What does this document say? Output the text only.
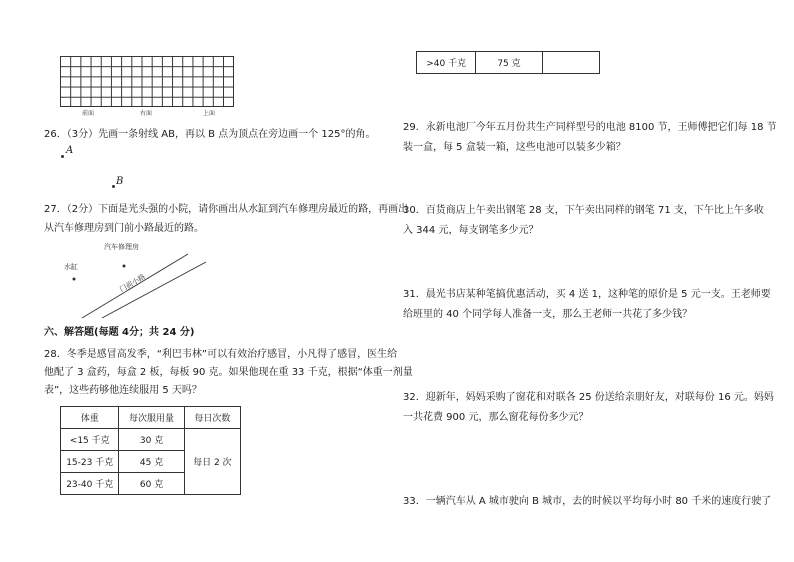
前面	右面	上面
26．（3分）先画一条射线 AB，再以 B 点为顶点在旁边画一个 125°的角。
A
B
27．（2分）下面是光头强的小院，请你画出从水缸到汽车修理房最近的路，再画出
从汽车修理房到门前小路最近的路。
汽车修理房
水缸
门前小路
六、解答题(每题 4分；共 24 分)
28．冬季是感冒高发季，“利巴韦林”可以有效治疗感冒，小凡得了感冒，医生给
他配了 3 盒药，每盒 2 板，每板 90 克。如果他现在重 33 千克，根据“体重一剂量
表”，这些药够他连续服用 5 天吗？
体重	每次服用量	每日次数
<15 千克	30 克	每日 2 次
15-23 千克	45 克	
23-40 千克	60 克	
>40 千克	75 克	
29．永新电池厂今年五月份共生产同样型号的电池 8100 节，王师傅把它们每 18 节
装一盒，每 5 盒装一箱，这些电池可以装多少箱？
30．百货商店上午卖出钢笔 28 支，下午卖出同样的钢笔 71 支，下午比上午多收
入 344 元，每支钢笔多少元？
31．晨光书店某种笔搞优惠活动，买 4 送 1，这种笔的原价是 5 元一支。王老师要
给班里的 40 个同学每人准备一支，那么王老师一共花了多少钱？
32．迎新年，妈妈采购了窗花和对联各 25 份送给亲朋好友，对联每份 16 元。妈妈
一共花费 900 元，那么窗花每份多少元？
33．一辆汽车从 A 城市驶向 B 城市，去的时候以平均每小时 80 千米的速度行驶了
